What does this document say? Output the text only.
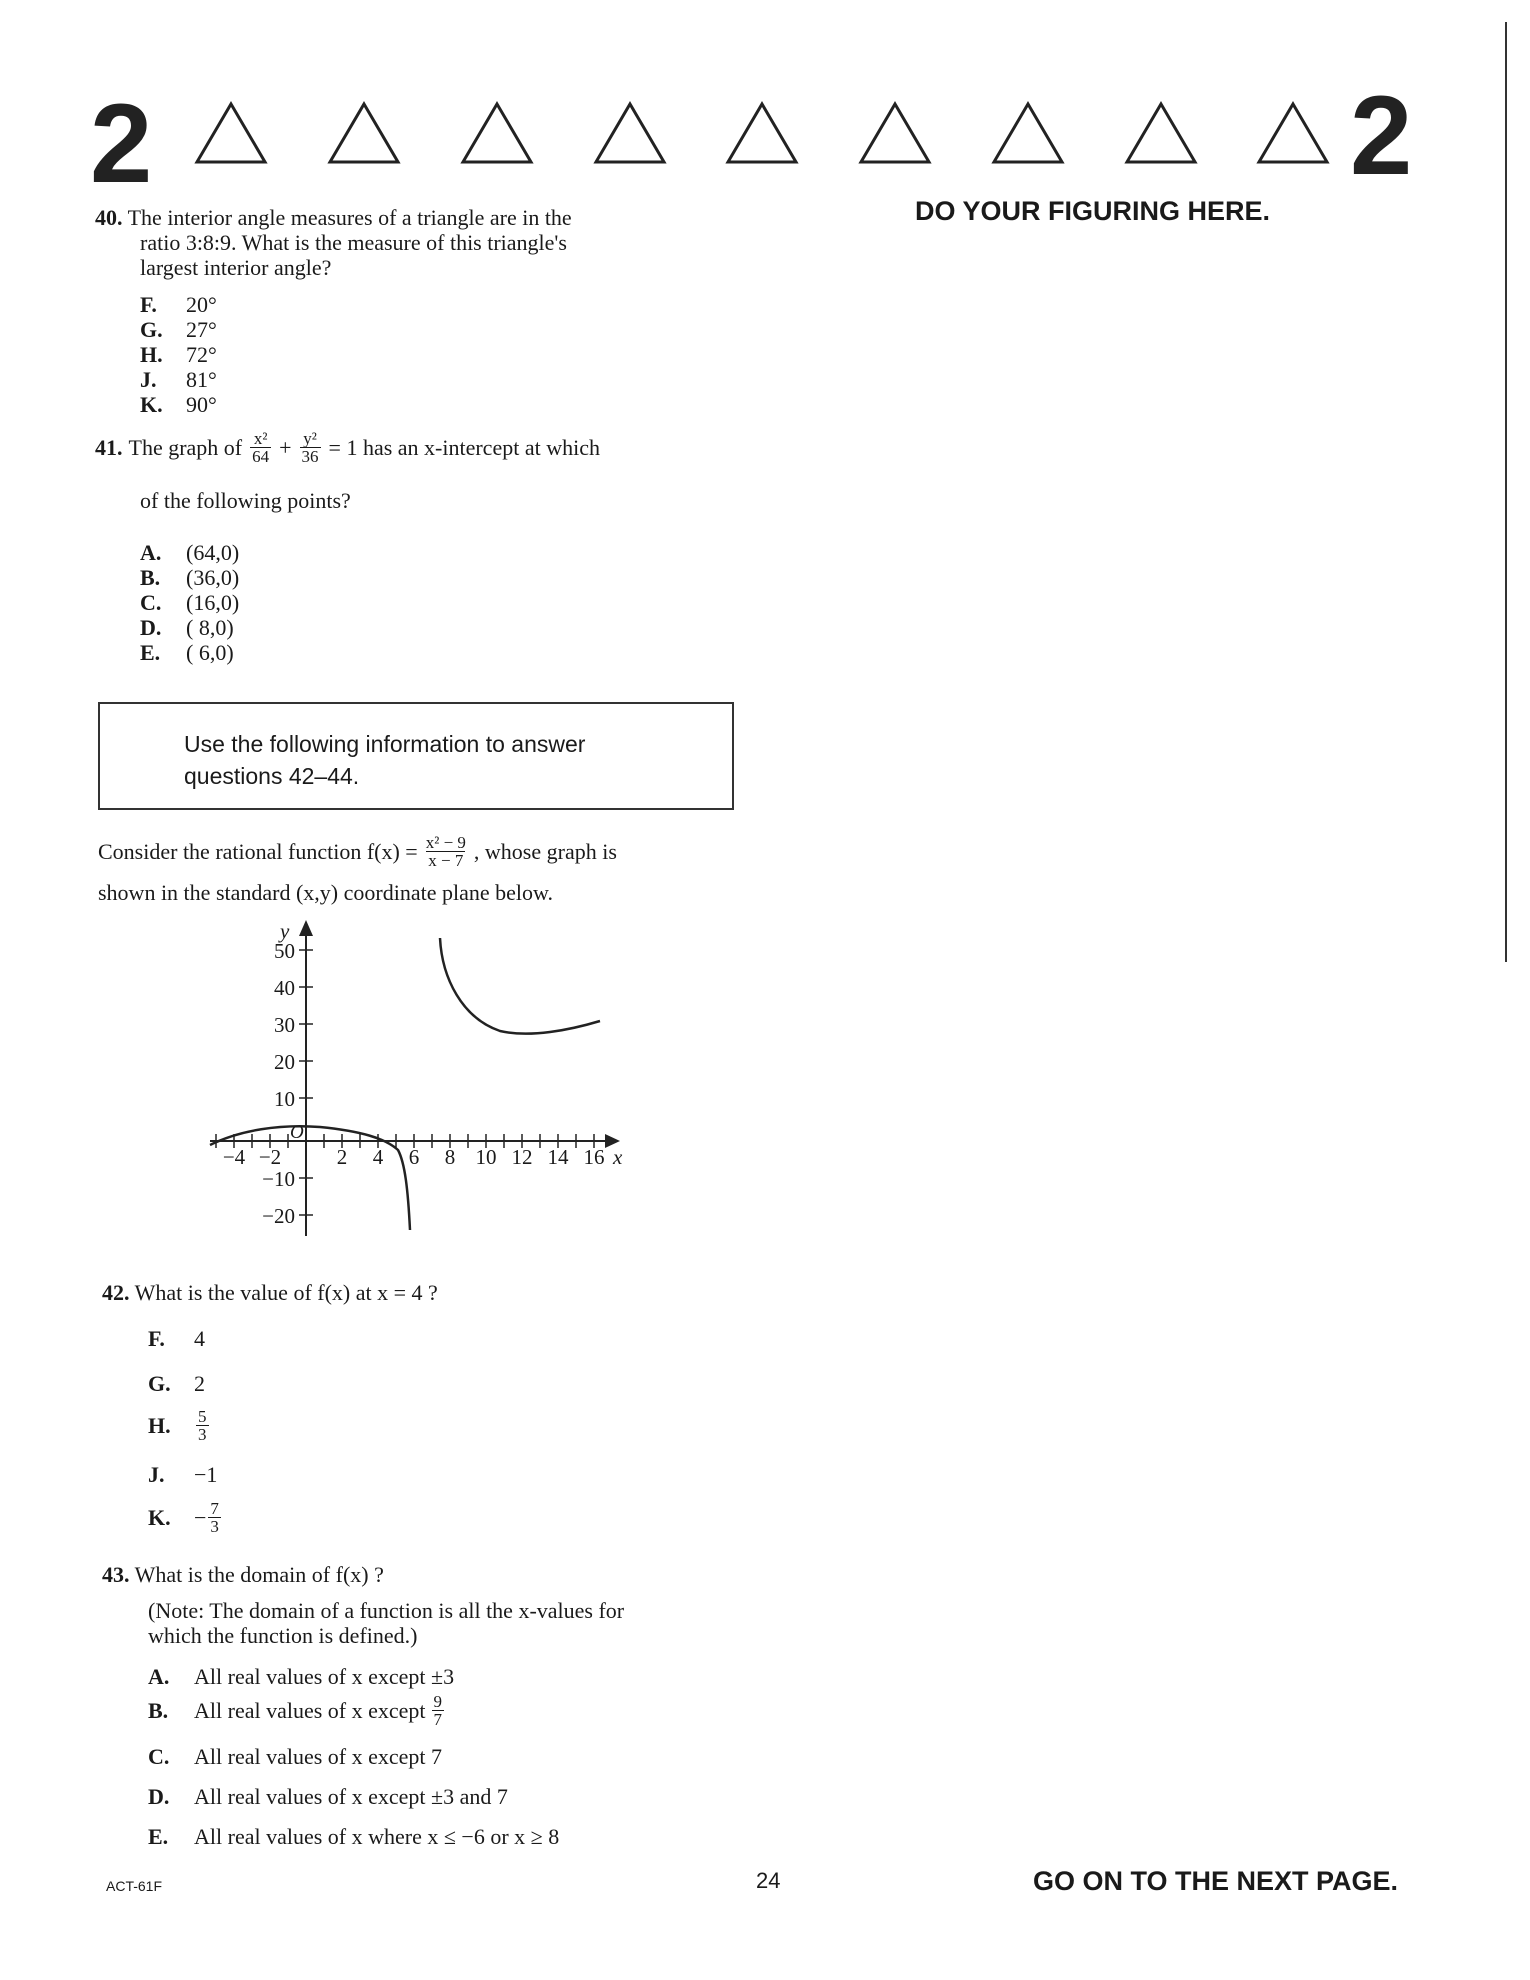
2	2
DO YOUR FIGURING HERE.
40. The interior angle measures of a triangle are in the
ratio 3:8:9. What is the measure of this triangle's
largest interior angle?
F. 20°
G. 27°
H. 72°
J. 81°
K. 90°
41. The graph of $\frac{\text{x²}}{64} + \frac{\text{y²}}{36} = 1$ has an x-intercept at which
of the following points?
A. (64,0)
B. (36,0)
C. (16,0)
D. ( 8,0)
E. ( 6,0)
Use the following information to answer
questions 42–44.
Consider the rational function $f(x) = \frac{\text{x² − 9}}{x - 7}$ , whose graph is
shown in the standard (x,y) coordinate plane below.
y
50
40
30
20
10
−10
−20
O
−4 −2	2 4 6 8 10 12 14 16 x
42. What is the value of f(x) at x = 4 ?
F. 4
G. 2
H.	$\frac{5}{3}$
J. −1
K.	− $\frac{7}{3}$
43. What is the domain of f(x) ?
(Note: The domain of a function is all the x-values for
which the function is defined.)
A. All real values of x except ±3
B.	All real values of x except $\frac{9}{7}$
C. All real values of x except 7
D. All real values of x except ±3 and 7
E. All real values of x where x ≤ −6 or x ≥ 8
ACT-61F	24	GO ON TO THE NEXT PAGE.
